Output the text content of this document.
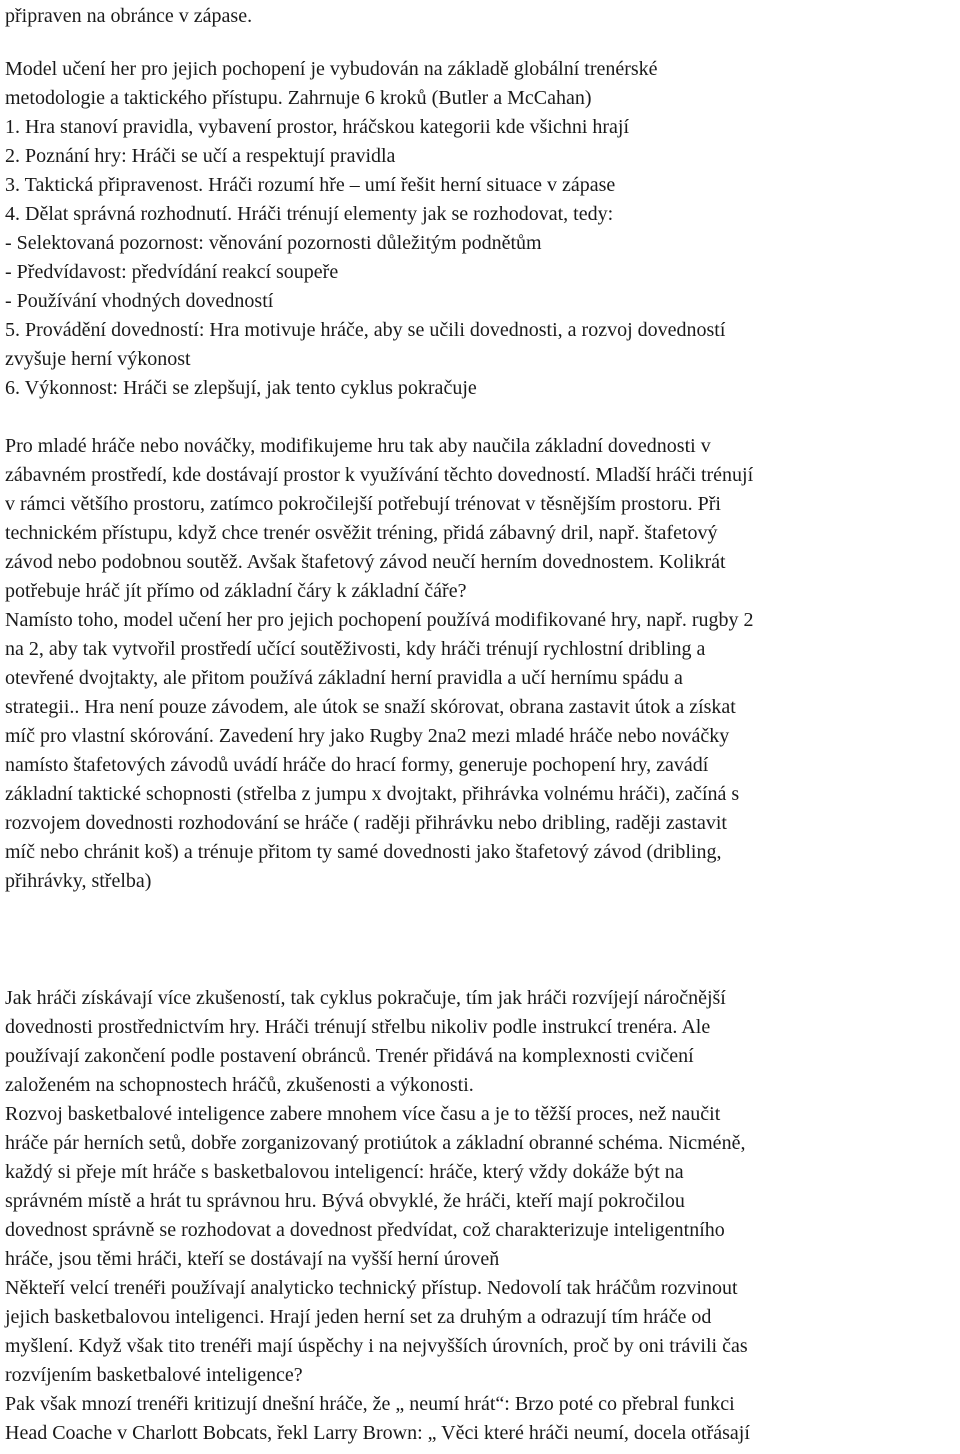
připraven na obránce v zápase.
Model učení her pro jejich pochopení je vybudován na základě globální trenérské
metodologie a taktického přístupu. Zahrnuje 6 kroků (Butler a McCahan)
1. Hra stanoví pravidla, vybavení prostor, hráčskou kategorii kde všichni hrají
2. Poznání hry: Hráči se učí a respektují pravidla
3. Taktická připravenost. Hráči rozumí hře – umí řešit herní situace v zápase
4. Dělat správná rozhodnutí. Hráči trénují elementy jak se rozhodovat, tedy:
- Selektovaná pozornost: věnování pozornosti důležitým podnětům
- Předvídavost: předvídání reakcí soupeře
- Používání vhodných dovedností
5. Provádění dovedností: Hra motivuje hráče, aby se učili dovednosti, a rozvoj dovedností
zvyšuje herní výkonost
6. Výkonnost: Hráči se zlepšují, jak tento cyklus pokračuje
Pro mladé hráče nebo nováčky, modifikujeme hru tak aby naučila základní dovednosti v
zábavném prostředí, kde dostávají prostor k využívání těchto dovedností. Mladší hráči trénují
v rámci většího prostoru, zatímco pokročilejší potřebují trénovat v těsnějším prostoru. Při
technickém přístupu, když chce trenér osvěžit tréning, přidá zábavný dril, např. štafetový
závod nebo podobnou soutěž. Avšak štafetový závod neučí herním dovednostem. Kolikrát
potřebuje hráč jít přímo od základní čáry k základní čáře?
Namísto toho, model učení her pro jejich pochopení používá modifikované hry, např. rugby 2
na 2, aby tak vytvořil prostředí učící soutěživosti, kdy hráči trénují rychlostní dribling a
otevřené dvojtakty, ale přitom používá základní herní pravidla a učí hernímu spádu a
strategii.. Hra není pouze závodem, ale útok se snaží skórovat, obrana zastavit útok a získat
míč pro vlastní skórování. Zavedení hry jako Rugby 2na2 mezi mladé hráče nebo nováčky
namísto štafetových závodů uvádí hráče do hrací formy, generuje pochopení hry, zavádí
základní taktické schopnosti (střelba z jumpu x dvojtakt, přihrávka volnému hráči), začíná s
rozvojem dovednosti rozhodování se hráče ( raději přihrávku nebo dribling, raději zastavit
míč nebo chránit koš) a trénuje přitom ty samé dovednosti jako štafetový závod (dribling,
přihrávky, střelba)
Jak hráči získávají více zkušeností, tak cyklus pokračuje, tím jak hráči rozvíjejí náročnější
dovednosti prostřednictvím hry. Hráči trénují střelbu nikoliv podle instrukcí trenéra. Ale
používají zakončení podle postavení obránců. Trenér přidává na komplexnosti cvičení
založeném na schopnostech hráčů, zkušenosti a výkonosti.
Rozvoj basketbalové inteligence zabere mnohem více času a je to těžší proces, než naučit
hráče pár herních setů, dobře zorganizovaný protiútok a základní obranné schéma. Nicméně,
každý si přeje mít hráče s basketbalovou inteligencí: hráče, který vždy dokáže být na
správném místě a hrát tu správnou hru. Bývá obvyklé, že hráči, kteří mají pokročilou
dovednost správně se rozhodovat a dovednost předvídat, což charakterizuje inteligentního
hráče, jsou těmi hráči, kteří se dostávají na vyšší herní úroveň
Někteří velcí trenéři používají analyticko technický přístup. Nedovolí tak hráčům rozvinout
jejich basketbalovou inteligenci. Hrají jeden herní set za druhým a odrazují tím hráče od
myšlení. Když však tito trenéři mají úspěchy i na nejvyšších úrovních, proč by oni trávili čas
rozvíjením basketbalové inteligence?
Pak však mnozí trenéři kritizují dnešní hráče, že „ neumí hrát“: Brzo poté co přebral funkci
Head Coache v Charlott Bobcats, řekl Larry Brown: „ Věci které hráči neumí, docela otřásají
